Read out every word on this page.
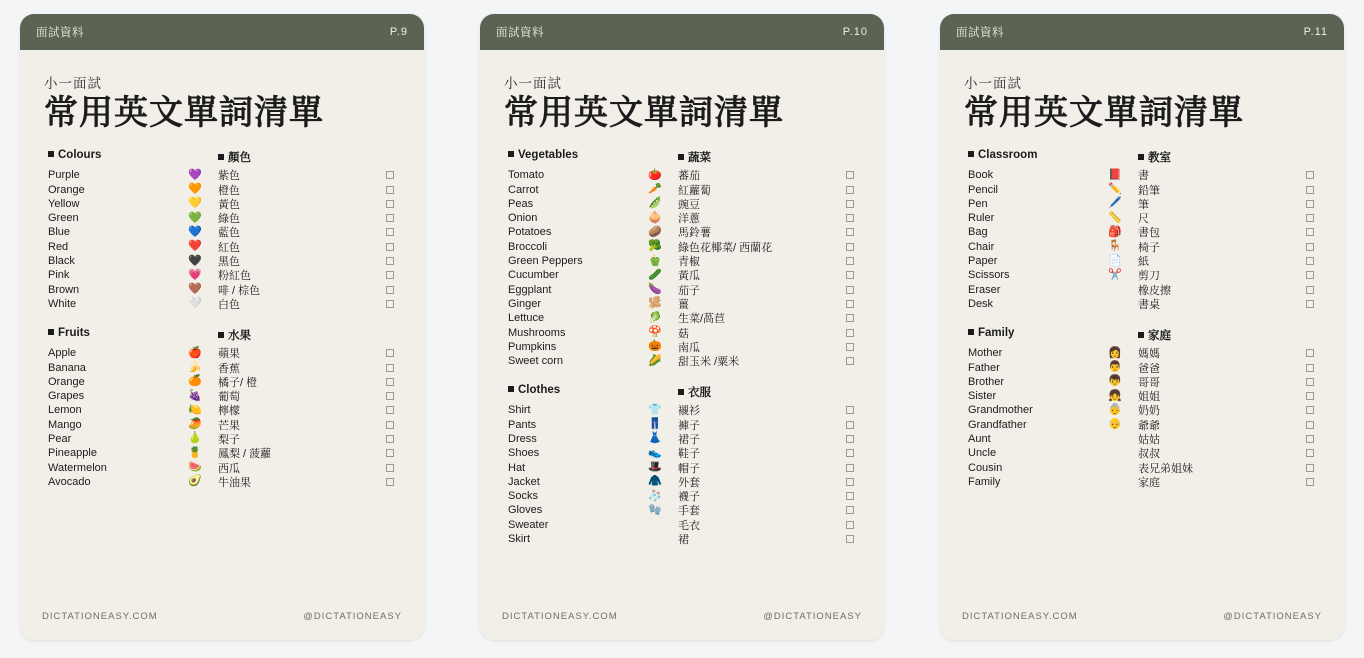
面試資料	P.9
小一面試
常用英文單詞清單
Colours	顏色
Purple	💜	紫色
Orange	🧡	橙色
Yellow	💛	黃色
Green	💚	綠色
Blue	💙	藍色
Red	❤️	紅色
Black	🖤	黑色
Pink	💗	粉紅色
Brown	🤎	啡 / 棕色
White	🤍	白色
Fruits	水果
Apple	🍎	蘋果
Banana	🍌	香蕉
Orange	🍊	橘子/ 橙
Grapes	🍇	葡萄
Lemon	🍋	檸檬
Mango	🥭	芒果
Pear	🍐	梨子
Pineapple	🍍	鳳梨 / 菠蘿
Watermelon	🍉	西瓜
Avocado	🥑	牛油果
DICTATIONEASY.COM	@DICTATIONEASY
面試資料	P.10
小一面試
常用英文單詞清單
Vegetables	蔬菜
Tomato	🍅	蕃茄
Carrot	🥕	紅蘿蔔
Peas	🫛	豌豆
Onion	🧅	洋蔥
Potatoes	🥔	馬鈴薯
Broccoli	🥦	綠色花椰菜/ 西蘭花
Green Peppers	🫑	青椒
Cucumber	🥒	黃瓜
Eggplant	🍆	茄子
Ginger	🫚	薑
Lettuce	🥬	生菜/萵苣
Mushrooms	🍄	菇
Pumpkins	🎃	南瓜
Sweet corn	🌽	甜玉米 /粟米
Clothes	衣服
Shirt	👕	襯衫
Pants	👖	褲子
Dress	👗	裙子
Shoes	👟	鞋子
Hat	🎩	帽子
Jacket	🧥	外套
Socks	🧦	襪子
Gloves	🧤	手套
Sweater	毛衣
Skirt	裙
DICTATIONEASY.COM	@DICTATIONEASY
面試資料	P.11
小一面試
常用英文單詞清單
Classroom	教室
Book	📕	書
Pencil	✏️	鉛筆
Pen	🖊️	筆
Ruler	📏	尺
Bag	🎒	書包
Chair	🪑	椅子
Paper	📄	紙
Scissors	✂️	剪刀
Eraser	橡皮擦
Desk	書桌
Family	家庭
Mother	👩	媽媽
Father	👨	爸爸
Brother	👦	哥哥
Sister	👧	姐姐
Grandmother	👵	奶奶
Grandfather	👴	爺爺
Aunt	姑姑
Uncle	叔叔
Cousin	表兄弟姐妹
Family	家庭
DICTATIONEASY.COM	@DICTATIONEASY
